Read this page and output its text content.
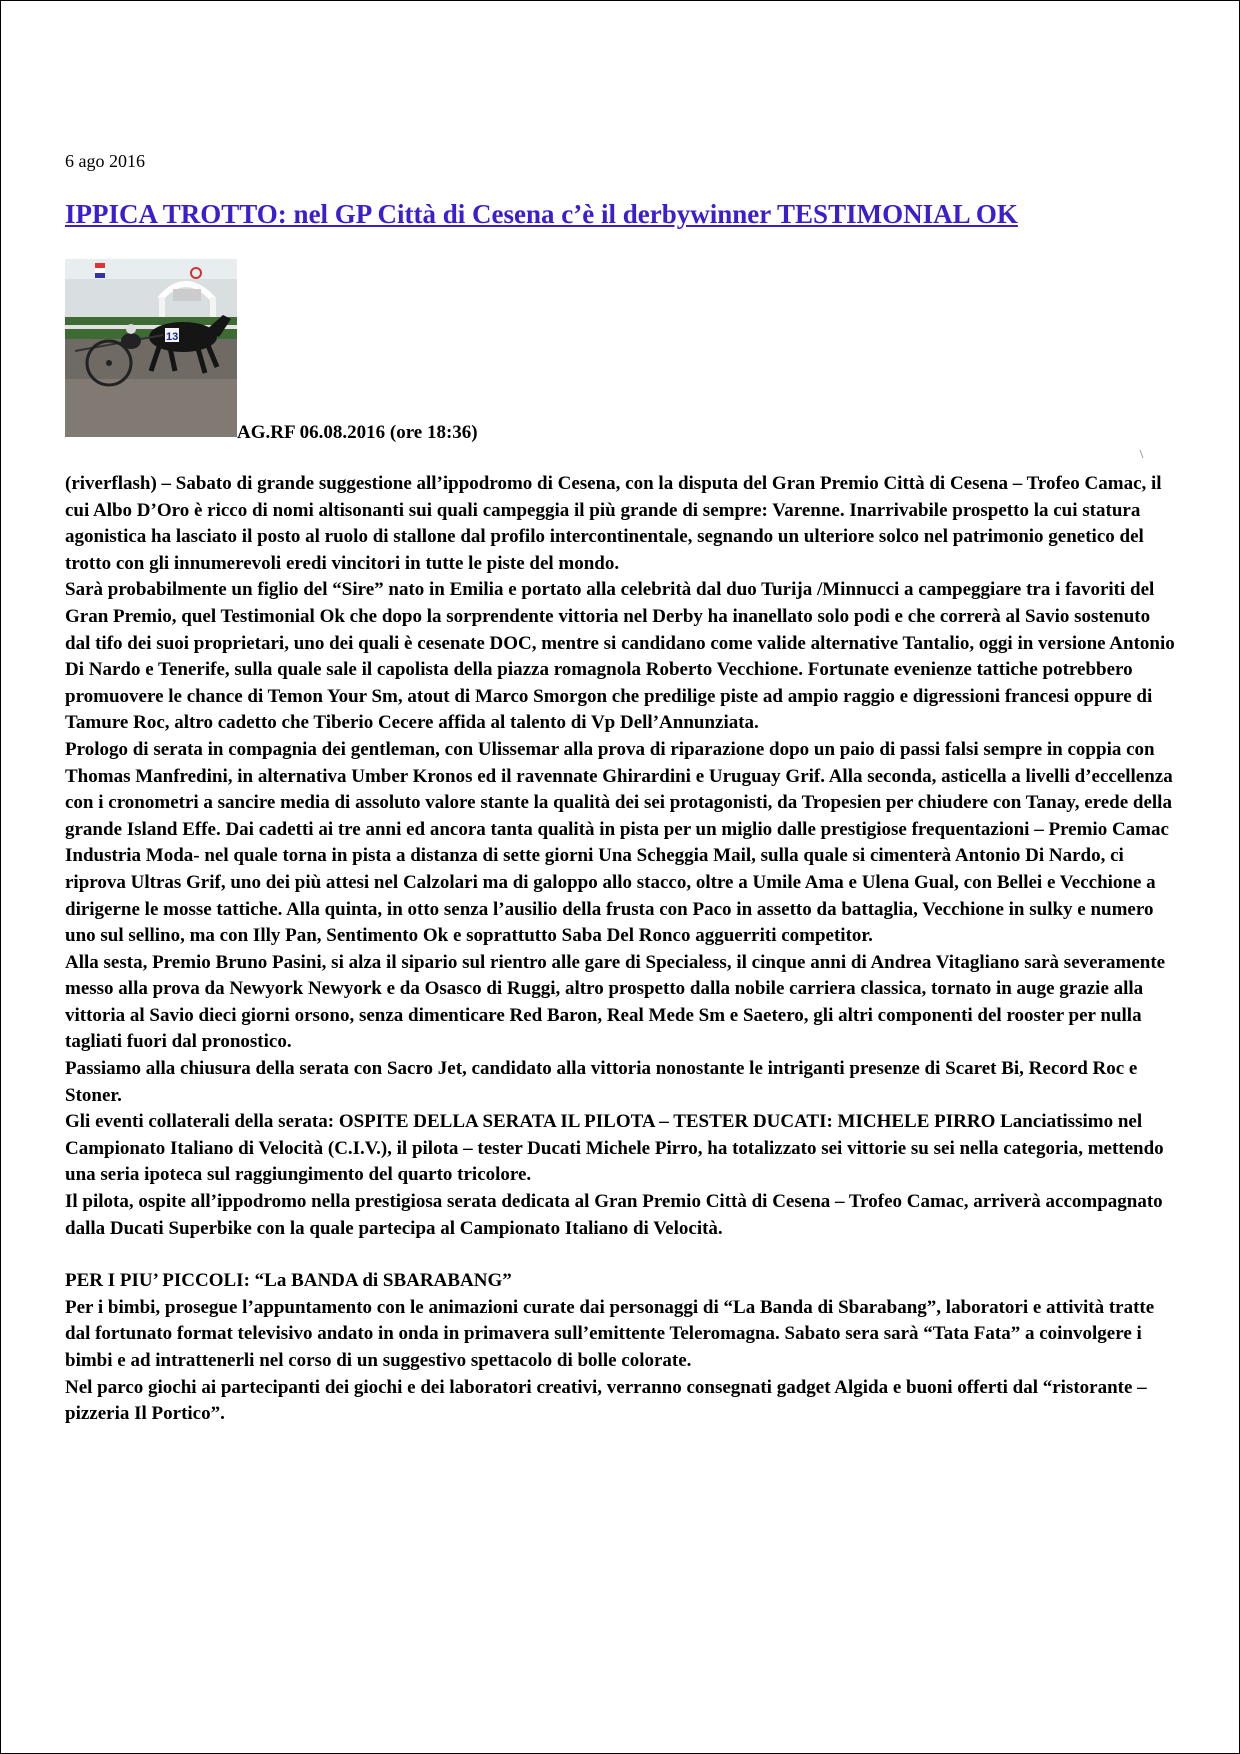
6 ago 2016
IPPICA TROTTO: nel GP Città di Cesena c’è il derbywinner TESTIMONIAL OK
13
AG.RF 06.08.2016 (ore 18:36)

(riverflash) – Sabato di grande suggestione all’ippodromo di Cesena, con la disputa del Gran Premio Città di Cesena – Trofeo Camac, il cui Albo D’Oro è ricco di nomi altisonanti sui quali campeggia il più grande di sempre: Varenne. Inarrivabile prospetto la cui statura agonistica ha lasciato il posto al ruolo di stallone dal profilo intercontinentale, segnando un ulteriore solco nel patrimonio genetico del trotto con gli innumerevoli eredi vincitori in tutte le piste del mondo.

Sarà probabilmente un figlio del “Sire” nato in Emilia e portato alla celebrità dal duo Turija /Minnucci a campeggiare tra i favoriti del Gran Premio, quel Testimonial Ok che dopo la sorprendente vittoria nel Derby ha inanellato solo podi e che correrà al Savio sostenuto dal tifo dei suoi proprietari, uno dei quali è cesenate DOC, mentre si candidano come valide alternative Tantalio, oggi in versione Antonio Di Nardo e Tenerife, sulla quale sale il capolista della piazza romagnola Roberto Vecchione. Fortunate evenienze tattiche potrebbero promuovere le chance di Temon Your Sm, atout di Marco Smorgon che predilige piste ad ampio raggio e digressioni francesi oppure di Tamure Roc, altro cadetto che Tiberio Cecere affida al talento di Vp Dell’Annunziata.

Prologo di serata in compagnia dei gentleman, con Ulissemar alla prova di riparazione dopo un paio di passi falsi sempre in coppia con Thomas Manfredini, in alternativa Umber Kronos ed il ravennate Ghirardini e Uruguay Grif. Alla seconda, asticella a livelli d’eccellenza con i cronometri a sancire media di assoluto valore stante la qualità dei sei protagonisti, da Tropesien per chiudere con Tanay, erede della grande Island Effe. Dai cadetti ai tre anni ed ancora tanta qualità in pista per un miglio dalle prestigiose frequentazioni – Premio Camac Industria Moda- nel quale torna in pista a distanza di sette giorni Una Scheggia Mail, sulla quale si cimenterà Antonio Di Nardo, ci riprova Ultras Grif, uno dei più attesi nel Calzolari ma di galoppo allo stacco, oltre a Umile Ama e Ulena Gual, con Bellei e Vecchione a dirigerne le mosse tattiche. Alla quinta, in otto senza l’ausilio della frusta con Paco in assetto da battaglia, Vecchione in sulky e numero uno sul sellino, ma con Illy Pan, Sentimento Ok e soprattutto Saba Del Ronco agguerriti competitor.

Alla sesta, Premio Bruno Pasini, si alza il sipario sul rientro alle gare di Specialess, il cinque anni di Andrea Vitagliano sarà severamente messo alla prova da Newyork Newyork e da Osasco di Ruggi, altro prospetto dalla nobile carriera classica, tornato in auge grazie alla vittoria al Savio dieci giorni orsono, senza dimenticare Red Baron, Real Mede Sm e Saetero, gli altri componenti del rooster per nulla tagliati fuori dal pronostico.

Passiamo alla chiusura della serata con Sacro Jet, candidato alla vittoria nonostante le intriganti presenze di Scaret Bi, Record Roc e Stoner.

Gli eventi collaterali della serata: OSPITE DELLA SERATA IL PILOTA – TESTER DUCATI: MICHELE PIRRO Lanciatissimo nel Campionato Italiano di Velocità (C.I.V.), il pilota – tester Ducati Michele Pirro, ha totalizzato sei vittorie su sei nella categoria, mettendo una seria ipoteca sul raggiungimento del quarto tricolore.

Il pilota, ospite all’ippodromo nella prestigiosa serata dedicata al Gran Premio Città di Cesena – Trofeo Camac, arriverà accompagnato dalla Ducati Superbike con la quale partecipa al Campionato Italiano di Velocità.

PER I PIU’ PICCOLI: “La BANDA di SBARABANG”

Per i bimbi, prosegue l’appuntamento con le animazioni curate dai personaggi di “La Banda di Sbarabang”, laboratori e attività tratte dal fortunato format televisivo andato in onda in primavera sull’emittente Teleromagna. Sabato sera sarà “Tata Fata” a coinvolgere i bimbi e ad intrattenerli nel corso di un suggestivo spettacolo di bolle colorate.

Nel parco giochi ai partecipanti dei giochi e dei laboratori creativi, verranno consegnati gadget Algida e buoni offerti dal “ristorante – pizzeria Il Portico”.
